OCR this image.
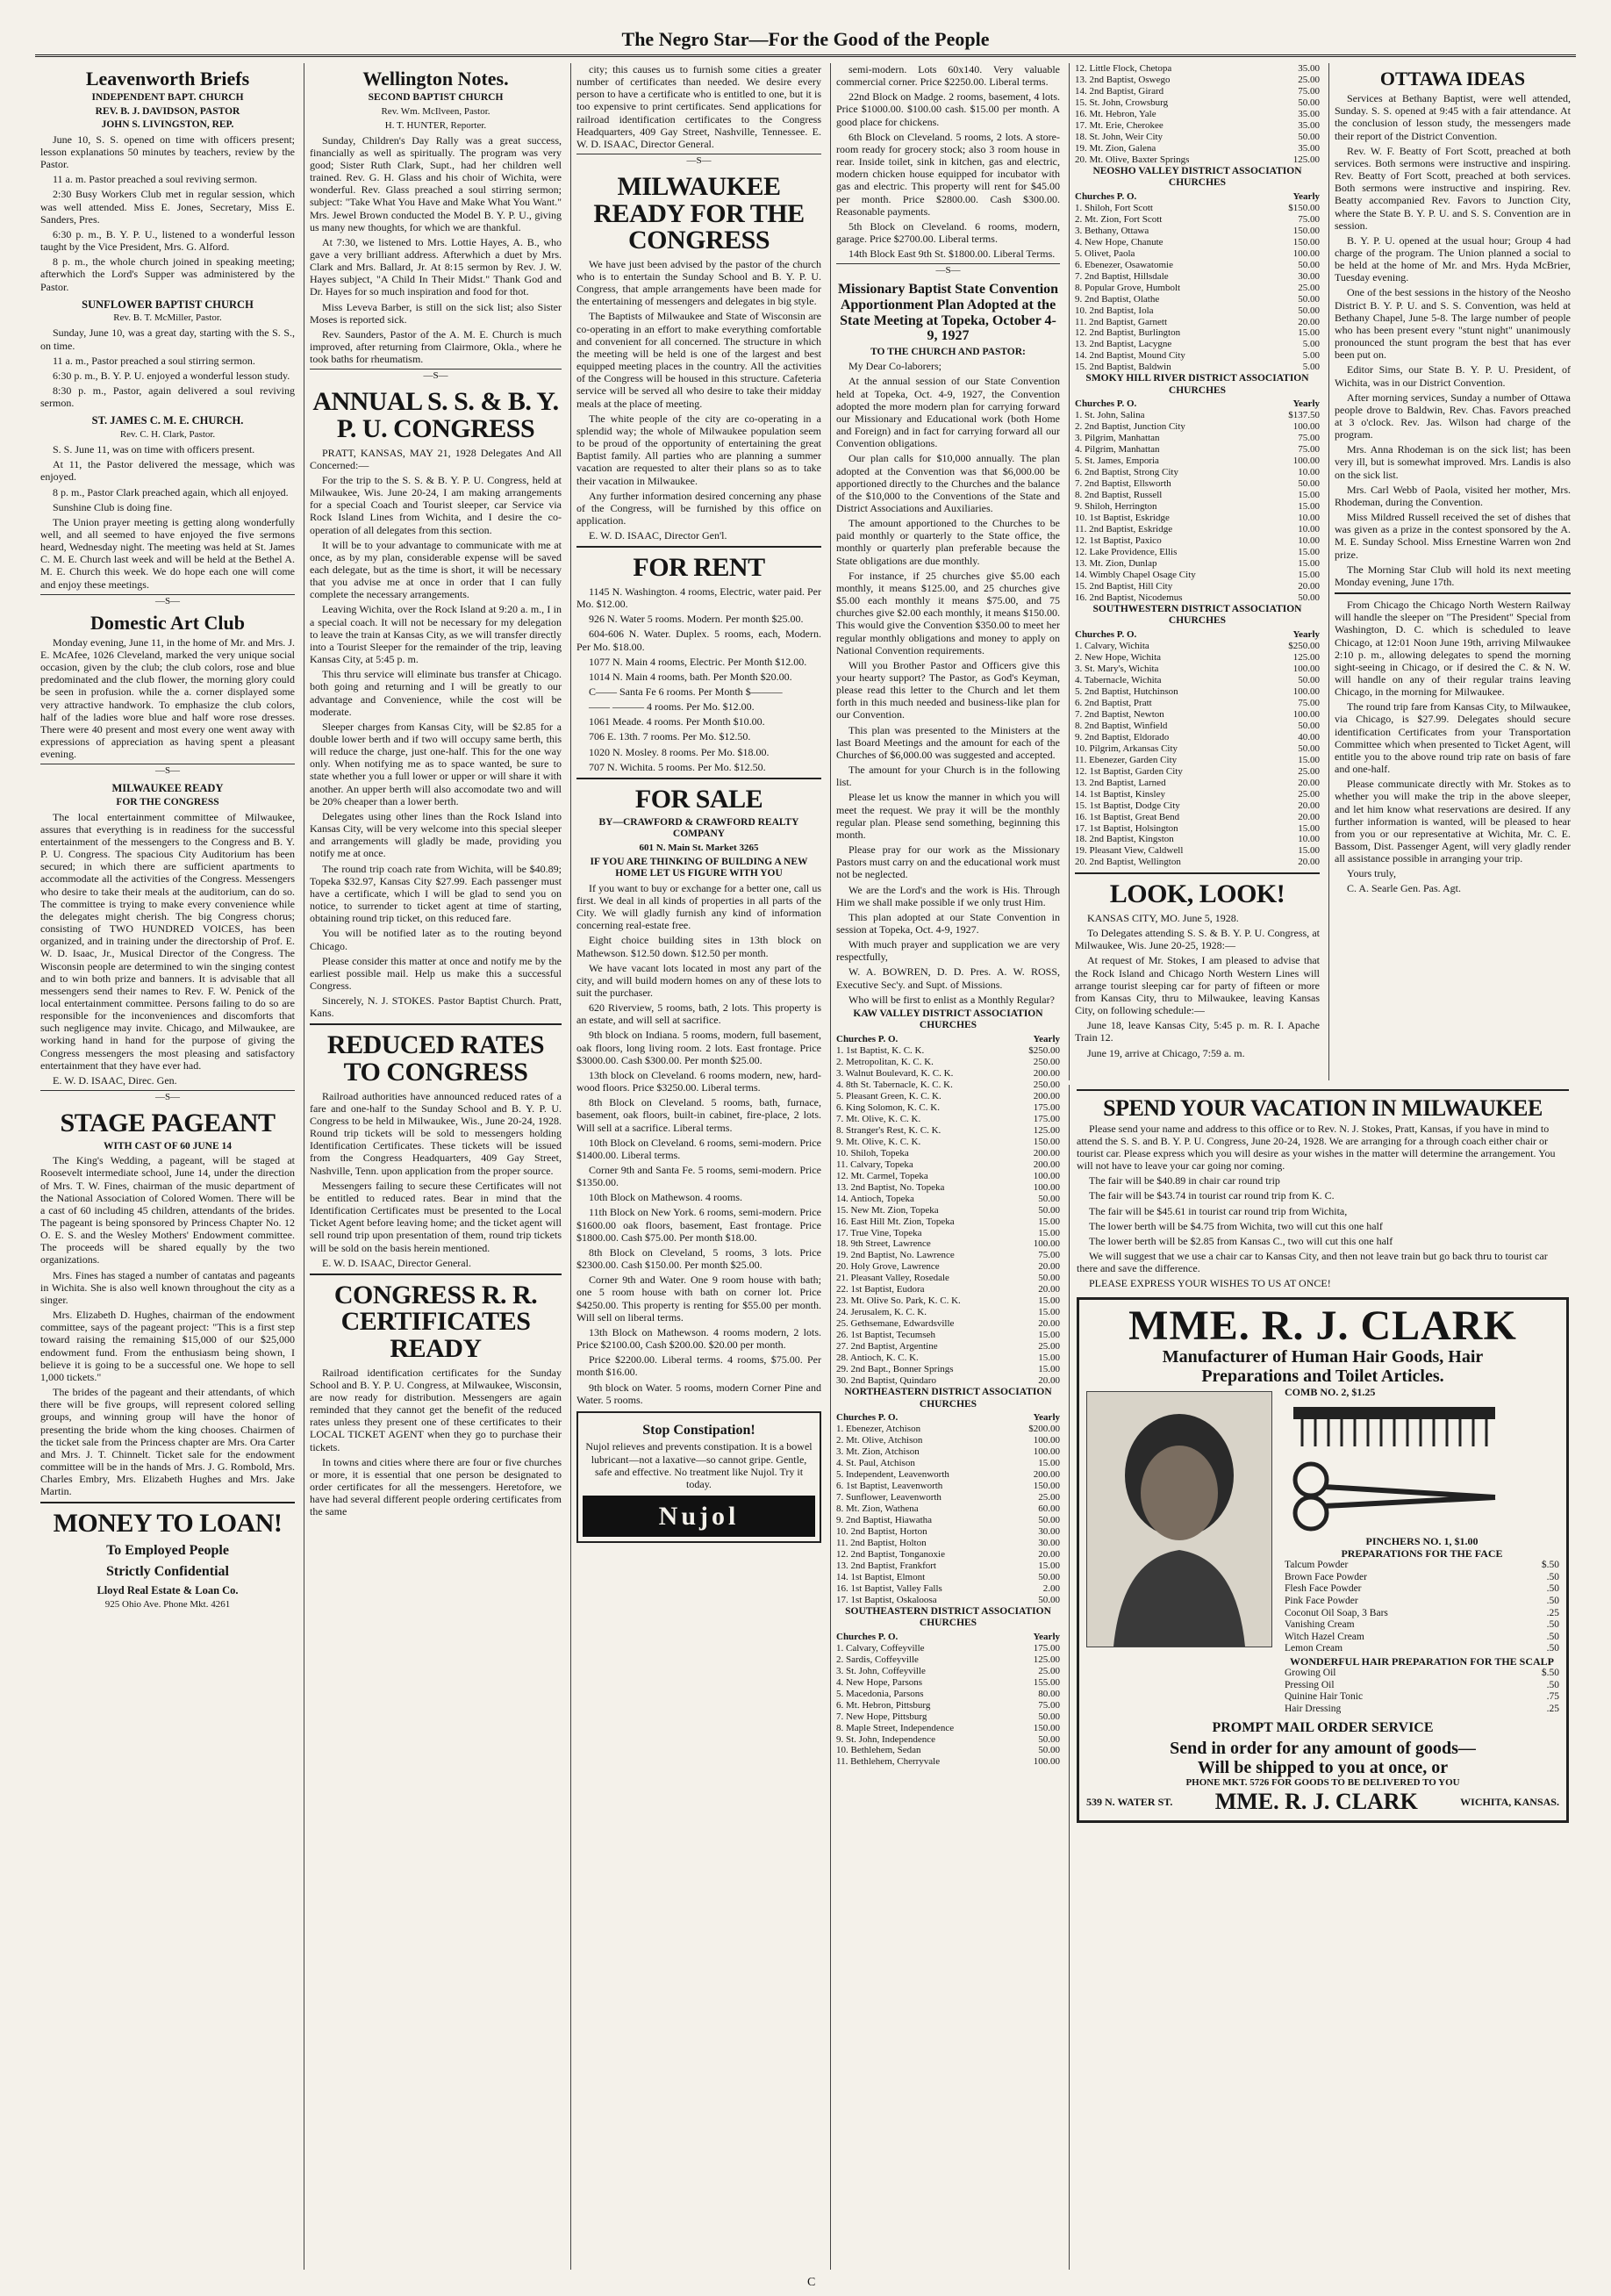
The Negro Star—For the Good of the People
Leavenworth Briefs
INDEPENDENT BAPT. CHURCH
REV. B. J. DAVIDSON, PASTOR
JOHN S. LIVINGSTON, REP.

June 10, S. S. opened on time with officers present; lesson explanations 50 minutes by teachers, review by the Pastor.

11 a. m. Pastor preached a soul reviving sermon.

2:30 Busy Workers Club met in regular session, which was well attended. Miss E. Jones, Secretary, Miss E. Sanders, Pres.

6:30 p. m., B. Y. P. U., listened to a wonderful lesson taught by the Vice President, Mrs. G. Alford.

8 p. m., the whole church joined in speaking meeting; afterwhich the Lord's Supper was administered by the Pastor.

SUNFLOWER BAPTIST CHURCH
Rev. B. T. McMiller, Pastor.

Sunday, June 10, was a great day, starting with the S. S., on time.

11 a. m., Pastor preached a soul stirring sermon.

6:30 p. m., B. Y. P. U. enjoyed a wonderful lesson study.

8:30 p. m., Pastor, again delivered a soul reviving sermon.

ST. JAMES C. M. E. CHURCH.
Rev. C. H. Clark, Pastor.

S. S. June 11, was on time with officers present.

At 11, the Pastor delivered the message, which was enjoyed.

8 p. m., Pastor Clark preached again, which all enjoyed.

Sunshine Club is doing fine.

The Union prayer meeting is getting along wonderfully well, and all seemed to have enjoyed the five sermons heard, Wednesday night. The meeting was held at St. James C. M. E. Church last week and will be held at the Bethel A. M. E. Church this week. We do hope each one will come and enjoy these meetings.

—S—
Domestic Art Club

Monday evening, June 11, in the home of Mr. and Mrs. J. E. McAfee, 1026 Cleveland, marked the very unique social occasion, given by the club; the club colors, rose and blue predominated and the club flower, the morning glory could be seen in profusion. while the a. corner displayed some very attractive handwork. To emphasize the club colors, half of the ladies wore blue and half wore rose dresses. There were 40 present and most every one went away with expressions of appreciation as having spent a pleasant evening.

—S—
MILWAUKEE READY
FOR THE CONGRESS

The local entertainment committee of Milwaukee, assures that everything is in readiness for the successful entertainment of the messengers to the Congress and B. Y. P. U. Congress. The spacious City Auditorium has been secured; in which there are sufficient apartments to accommodate all the activities of the Congress. Messengers who desire to take their meals at the auditorium, can do so. The committee is trying to make every convenience while the delegates might cherish. The big Congress chorus; consisting of TWO HUNDRED VOICES, has been organized, and in training under the directorship of Prof. E. W. D. Isaac, Jr., Musical Director of the Congress. The Wisconsin people are determined to win the singing contest and to win both prize and banners. It is advisable that all messengers send their names to Rev. F. W. Penick of the local entertainment committee. Persons failing to do so are responsible for the inconveniences and discomforts that such negligence may invite. Chicago, and Milwaukee, are working hand in hand for the purpose of giving the Congress messengers the most pleasing and satisfactory entertainment that they have ever had.

E. W. D. ISAAC, Direc. Gen.

—S—
STAGE PAGEANT
WITH CAST OF 60 JUNE 14

The King's Wedding, a pageant, will be staged at Roosevelt intermediate school, June 14, under the direction of Mrs. T. W. Fines, chairman of the music department of the National Association of Colored Women. There will be a cast of 60 including 45 children, attendants of the brides. The pageant is being sponsored by Princess Chapter No. 12 O. E. S. and the Wesley Mothers' Endowment committee. The proceeds will be shared equally by the two organizations.

Mrs. Fines has staged a number of cantatas and pageants in Wichita. She is also well known throughout the city as a singer.

Mrs. Elizabeth D. Hughes, chairman of the endowment committee, says of the pageant project: "This is a first step toward raising the remaining $15,000 of our $25,000 endowment fund. From the enthusiasm being shown, I believe it is going to be a successful one. We hope to sell 1,000 tickets."

The brides of the pageant and their attendants, of which there will be five groups, will represent colored selling groups, and winning group will have the honor of presenting the bride whom the king chooses. Chairmen of the ticket sale from the Princess chapter are Mrs. Ora Carter and Mrs. J. T. Chinnelt. Ticket sale for the endowment committee will be in the hands of Mrs. J. G. Rombold, Mrs. Charles Embry, Mrs. Elizabeth Hughes and Mrs. Jake Martin.

MONEY TO LOAN!
To Employed People
Strictly Confidential
Lloyd Real Estate & Loan Co.
925 Ohio Ave. Phone Mkt. 4261
Wellington Notes.
SECOND BAPTIST CHURCH
Rev. Wm. McIlveen, Pastor.
H. T. HUNTER, Reporter.

Sunday, Children's Day Rally was a great success, financially as well as spiritually. The program was very good; Sister Ruth Clark, Supt., had her children well trained. Rev. G. H. Glass and his choir of Wichita, were wonderful. Rev. Glass preached a soul stirring sermon; subject: "Take What You Have and Make What You Want." Mrs. Jewel Brown conducted the Model B. Y. P. U., giving us many new thoughts, for which we are thankful.

At 7:30, we listened to Mrs. Lottie Hayes, A. B., who gave a very brilliant address. Afterwhich a duet by Mrs. Clark and Mrs. Ballard, Jr. At 8:15 sermon by Rev. J. W. Hayes subject, "A Child In Their Midst." Thank God and Dr. Hayes for so much inspiration and food for thot.

Miss Leveva Barber, is still on the sick list; also Sister Moses is reported sick.

Rev. Saunders, Pastor of the A. M. E. Church is much improved, after returning from Clairmore, Okla., where he took baths for rheumatism.

—S—
ANNUAL S. S. & B. Y. P. U. CONGRESS

PRATT, KANSAS, MAY 21, 1928 Delegates And All Concerned:—

For the trip to the S. S. & B. Y. P. U. Congress, held at Milwaukee, Wis. June 20-24, I am making arrangements for a special Coach and Tourist sleeper, car Service via Rock Island Lines from Wichita, and I desire the co-operation of all delegates from this section.

It will be to your advantage to communicate with me at once, as by my plan, considerable expense will be saved each delegate, but as the time is short, it will be necessary that you advise me at once in order that I can fully complete the necessary arrangements.

Leaving Wichita, over the Rock Island at 9:20 a. m., I in a special coach. It will not be necessary for my delegation to leave the train at Kansas City, as we will transfer directly into a Tourist Sleeper for the remainder of the trip, leaving Kansas City, at 5:45 p. m.

This thru service will eliminate bus transfer at Chicago. both going and returning and I will be greatly to our advantage and Convenience, while the cost will be moderate.

Sleeper charges from Kansas City, will be $2.85 for a double lower berth and if two will occupy same berth, this will reduce the charge, just one-half. This for the one way only. When notifying me as to space wanted, be sure to state whether you a full lower or upper or will share it with another. An upper berth will also accomodate two and will be 20% cheaper than a lower berth.

Delegates using other lines than the Rock Island into Kansas City, will be very welcome into this special sleeper and arrangements will gladly be made, providing you notify me at once.

The round trip coach rate from Wichita, will be $40.89; Topeka $32.97, Kansas City $27.99. Each passenger must have a certificate, which I will be glad to send you on notice, to surrender to ticket agent at time of starting, obtaining round trip ticket, on this reduced fare.

You will be notified later as to the routing beyond Chicago.

Please consider this matter at once and notify me by the earliest possible mail. Help us make this a successful Congress.

Sincerely, N. J. STOKES. Pastor Baptist Church. Pratt, Kans.

REDUCED RATES TO CONGRESS

Railroad authorities have announced reduced rates of a fare and one-half to the Sunday School and B. Y. P. U. Congress to be held in Milwaukee, Wis., June 20-24, 1928. Round trip tickets will be sold to messengers holding Identification Certificates. These tickets will be issued from the Congress Headquarters, 409 Gay Street, Nashville, Tenn. upon application from the proper source.

Messengers failing to secure these Certificates will not be entitled to reduced rates. Bear in mind that the Identification Certificates must be presented to the Local Ticket Agent before leaving home; and the ticket agent will sell round trip upon presentation of them, round trip tickets will be sold on the basis herein mentioned.

E. W. D. ISAAC, Director General.

CONGRESS R. R. CERTIFICATES READY

Railroad identification certificates for the Sunday School and B. Y. P. U. Congress, at Milwaukee, Wisconsin, are now ready for distribution. Messengers are again reminded that they cannot get the benefit of the reduced rates unless they present one of these certificates to their LOCAL TICKET AGENT when they go to purchase their tickets.

In towns and cities where there are four or five churches or more, it is essential that one person be designated to order certificates for all the messengers. Heretofore, we have had several different people ordering certificates from the same

city; this causes us to furnish some cities a greater number of certificates than needed. We desire every person to have a certificate who is entitled to one, but it is too expensive to print certificates. Send applications for railroad identification certificates to the Congress Headquarters, 409 Gay Street, Nashville, Tennessee. E. W. D. ISAAC, Director General.

—S—
MILWAUKEE READY FOR THE CONGRESS

We have just been advised by the pastor of the church who is to entertain the Sunday School and B. Y. P. U. Congress, that ample arrangements have been made for the entertaining of messengers and delegates in big style.

The Baptists of Milwaukee and State of Wisconsin are co-operating in an effort to make everything comfortable and convenient for all concerned. The structure in which the meeting will be held is one of the largest and best equipped meeting places in the country. All the activities of the Congress will be housed in this structure. Cafeteria service will be served all who desire to take their midday meals at the place of meeting.

The white people of the city are co-operating in a splendid way; the whole of Milwaukee population seem to be proud of the opportunity of entertaining the great Baptist family. All parties who are planning a summer vacation are requested to alter their plans so as to take their vacation in Milwaukee.

Any further information desired concerning any phase of the Congress, will be furnished by this office on application.

E. W. D. ISAAC, Director Gen'l.

FOR RENT

1145 N. Washington. 4 rooms, Electric, water paid. Per Mo. $12.00.

926 N. Water 5 rooms. Modern. Per month $25.00.

604-606 N. Water. Duplex. 5 rooms, each, Modern. Per Mo. $18.00.

1077 N. Main 4 rooms, Electric. Per Month $12.00.

1014 N. Main 4 rooms, bath. Per Month $20.00.

C—— Santa Fe 6 rooms. Per Month $———

—— ——— 4 rooms. Per Mo. $12.00.

1061 Meade. 4 rooms. Per Month $10.00.

706 E. 13th. 7 rooms. Per Mo. $12.50.

1020 N. Mosley. 8 rooms. Per Mo. $18.00.

707 N. Wichita. 5 rooms. Per Mo. $12.50.

FOR SALE
BY—CRAWFORD & CRAWFORD REALTY COMPANY
601 N. Main St. Market 3265
IF YOU ARE THINKING OF BUILDING A NEW HOME LET US FIGURE WITH YOU

If you want to buy or exchange for a better one, call us first. We deal in all kinds of properties in all parts of the City. We will gladly furnish any kind of information concerning real-estate free.

Eight choice building sites in 13th block on Mathewson. $12.50 down. $12.50 per month.

We have vacant lots located in most any part of the city, and will build modern homes on any of these lots to suit the purchaser.

620 Riverview, 5 rooms, bath, 2 lots. This property is an estate, and will sell at sacrifice.

9th block on Indiana. 5 rooms, modern, full basement, oak floors, long living room. 2 lots. East frontage. Price $3000.00. Cash $300.00. Per month $25.00.

13th block on Cleveland. 6 rooms modern, new, hard-wood floors. Price $3250.00. Liberal terms.

8th Block on Cleveland. 5 rooms, bath, furnace, basement, oak floors, built-in cabinet, fire-place, 2 lots. Will sell at a sacrifice. Liberal terms.

10th Block on Cleveland. 6 rooms, semi-modern. Price $1400.00. Liberal terms.

Corner 9th and Santa Fe. 5 rooms, semi-modern. Price $1350.00.

10th Block on Mathewson. 4 rooms.

11th Block on New York. 6 rooms, semi-modern. Price $1600.00 oak floors, basement, East frontage. Price $1800.00. Cash $75.00. Per month $18.00.

8th Block on Cleveland, 5 rooms, 3 lots. Price $2300.00. Cash $150.00. Per month $25.00.

Corner 9th and Water. One 9 room house with bath; one 5 room house with bath on corner lot. Price $4250.00. This property is renting for $55.00 per month. Will sell on liberal terms.

13th Block on Mathewson. 4 rooms modern, 2 lots. Price $2100.00, Cash $200.00. $20.00 per month.

Price $2200.00. Liberal terms. 4 rooms, $75.00. Per month $16.00.

9th block on Water. 5 rooms, modern Corner Pine and Water. 5 rooms.

Stop Constipation!
Nujol relieves and prevents constipation. It is a bowel lubricant—not a laxative—so cannot gripe. Gentle, safe and effective. No treatment like Nujol. Try it today.
Nujol

semi-modern. Lots 60x140. Very valuable commercial corner. Price $2250.00. Liberal terms.

22nd Block on Madge. 2 rooms, basement, 4 lots. Price $1000.00. $100.00 cash. $15.00 per month. A good place for chickens.

6th Block on Cleveland. 5 rooms, 2 lots. A store-room ready for grocery stock; also 3 room house in rear. Inside toilet, sink in kitchen, gas and electric, modern chicken house equipped for incubator with gas and electric. This property will rent for $45.00 per month. Price $2800.00. Cash $300.00. Reasonable payments.

5th Block on Cleveland. 6 rooms, modern, garage. Price $2700.00. Liberal terms.

14th Block East 9th St. $1800.00. Liberal Terms.

—S—
Missionary Baptist State Convention Apportionment Plan Adopted at the State Meeting at Topeka, October 4-9, 1927
TO THE CHURCH AND PASTOR:

My Dear Co-laborers;

At the annual session of our State Convention held at Topeka, Oct. 4-9, 1927, the Convention adopted the more modern plan for carrying forward our Missionary and Educational work (both Home and Foreign) and in fact for carrying forward all our Convention obligations.

Our plan calls for $10,000 annually. The plan adopted at the Convention was that $6,000.00 be apportioned directly to the Churches and the balance of the $10,000 to the Conventions of the State and District Associations and Auxiliaries.

The amount apportioned to the Churches to be paid monthly or quarterly to the State office, the monthly or quarterly plan preferable because the State obligations are due monthly.

For instance, if 25 churches give $5.00 each monthly, it means $125.00, and 25 churches give $5.00 each monthly it means $75.00, and 75 churches give $2.00 each monthly, it means $150.00. This would give the Convention $350.00 to meet her regular monthly obligations and money to apply on National Convention requirements.

Will you Brother Pastor and Officers give this your hearty support? The Pastor, as God's Keyman, please read this letter to the Church and let them forth in this much needed and business-like plan for our Convention.

This plan was presented to the Ministers at the last Board Meetings and the amount for each of the Churches of $6,000.00 was suggested and accepted.

The amount for your Church is in the following list.

Please let us know the manner in which you will meet the request. We pray it will be the monthly regular plan. Please send something, beginning this month.

Please pray for our work as the Missionary Pastors must carry on and the educational work must not be neglected.

We are the Lord's and the work is His. Through Him we shall make possible if we only trust Him.

This plan adopted at our State Convention in session at Topeka, Oct. 4-9, 1927.

With much prayer and supplication we are very respectfully,

W. A. BOWREN, D. D. Pres. A. W. ROSS, Executive Sec'y. and Supt. of Missions.

Who will be first to enlist as a Monthly Regular?

KAW VALLEY DISTRICT ASSOCIATION CHURCHES
Churches P. O.	Yearly
1. 1st Baptist, K. C. K.	$250.00
2. Metropolitan, K. C. K.	250.00
3. Walnut Boulevard, K. C. K.	200.00
4. 8th St. Tabernacle, K. C. K.	250.00
5. Pleasant Green, K. C. K.	200.00
6. King Solomon, K. C. K.	175.00
7. Mt. Olive, K. C. K.	175.00
8. Stranger's Rest, K. C. K.	125.00
9. Mt. Olive, K. C. K.	150.00
10. Shiloh, Topeka	200.00
11. Calvary, Topeka	200.00
12. Mt. Carmel, Topeka	100.00
13. 2nd Baptist, No. Topeka	100.00
14. Antioch, Topeka	50.00
15. New Mt. Zion, Topeka	50.00
16. East Hill Mt. Zion, Topeka	15.00
17. True Vine, Topeka	15.00
18. 9th Street, Lawrence	100.00
19. 2nd Baptist, No. Lawrence	75.00
20. Holy Grove, Lawrence	20.00
21. Pleasant Valley, Rosedale	50.00
22. 1st Baptist, Eudora	20.00
23. Mt. Olive So. Park, K. C. K.	15.00
24. Jerusalem, K. C. K.	15.00
25. Gethsemane, Edwardsville	20.00
26. 1st Baptist, Tecumseh	15.00
27. 2nd Baptist, Argentine	25.00
28. Antioch, K. C. K.	15.00
29. 2nd Bapt., Bonner Springs	15.00
30. 2nd Baptist, Quindaro	20.00
NORTHEASTERN DISTRICT ASSOCIATION CHURCHES
Churches P. O.	Yearly
1. Ebenezer, Atchison	$200.00
2. Mt. Olive, Atchison	100.00
3. Mt. Zion, Atchison	100.00
4. St. Paul, Atchison	15.00
5. Independent, Leavenworth	200.00
6. 1st Baptist, Leavenworth	150.00
7. Sunflower, Leavenworth	25.00
8. Mt. Zion, Wathena	60.00
9. 2nd Baptist, Hiawatha	50.00
10. 2nd Baptist, Horton	30.00
11. 2nd Baptist, Holton	30.00
12. 2nd Baptist, Tonganoxie	20.00
13. 2nd Baptist, Frankfort	15.00
14. 1st Baptist, Elmont	50.00
16. 1st Baptist, Valley Falls	2.00
17. 1st Baptist, Oskaloosa	50.00
SOUTHEASTERN DISTRICT ASSOCIATION CHURCHES
Churches P. O.	Yearly
1. Calvary, Coffeyville	175.00
2. Sardis, Coffeyville	125.00
3. St. John, Coffeyville	25.00
4. New Hope, Parsons	155.00
5. Macedonia, Parsons	80.00
6. Mt. Hebron, Pittsburg	75.00
7. New Hope, Pittsburg	50.00
8. Maple Street, Independence	150.00
9. St. John, Independence	50.00
10. Bethlehem, Sedan	50.00
11. Bethlehem, Cherryvale	100.00
12. Little Flock, Chetopa	35.00
13. 2nd Baptist, Oswego	25.00
14. 2nd Baptist, Girard	75.00
15. St. John, Crowsburg	50.00
16. Mt. Hebron, Yale	35.00
17. Mt. Erie, Cherokee	35.00
18. St. John, Weir City	50.00
19. Mt. Zion, Galena	35.00
20. Mt. Olive, Baxter Springs	125.00
NEOSHO VALLEY DISTRICT ASSOCIATION CHURCHES
Churches P. O.	Yearly
1. Shiloh, Fort Scott	$150.00
2. Mt. Zion, Fort Scott	75.00
3. Bethany, Ottawa	150.00
4. New Hope, Chanute	150.00
5. Olivet, Paola	100.00
6. Ebenezer, Osawatomie	50.00
7. 2nd Baptist, Hillsdale	30.00
8. Popular Grove, Humbolt	25.00
9. 2nd Baptist, Olathe	50.00
10. 2nd Baptist, Iola	50.00
11. 2nd Baptist, Garnett	20.00
12. 2nd Baptist, Burlington	15.00
13. 2nd Baptist, Lacygne	5.00
14. 2nd Baptist, Mound City	5.00
15. 2nd Baptist, Baldwin	5.00
SMOKY HILL RIVER DISTRICT ASSOCIATION CHURCHES
Churches P. O.	Yearly
1. St. John, Salina	$137.50
2. 2nd Baptist, Junction City	100.00
3. Pilgrim, Manhattan	75.00
4. Pilgrim, Manhattan	75.00
5. St. James, Emporia	100.00
6. 2nd Baptist, Strong City	10.00
7. 2nd Baptist, Ellsworth	50.00
8. 2nd Baptist, Russell	15.00
9. Shiloh, Herrington	15.00
10. 1st Baptist, Eskridge	10.00
11. 2nd Baptist, Eskridge	10.00
12. 1st Baptist, Paxico	10.00
12. Lake Providence, Ellis	15.00
13. Mt. Zion, Dunlap	15.00
14. Wimbly Chapel Osage City	15.00
15. 2nd Baptist, Hill City	20.00
16. 2nd Baptist, Nicodemus	50.00
SOUTHWESTERN DISTRICT ASSOCIATION CHURCHES
Churches P. O.	Yearly
1. Calvary, Wichita	$250.00
2. New Hope, Wichita	125.00
3. St. Mary's, Wichita	100.00
4. Tabernacle, Wichita	50.00
5. 2nd Baptist, Hutchinson	100.00
6. 2nd Baptist, Pratt	75.00
7. 2nd Baptist, Newton	100.00
8. 2nd Baptist, Winfield	50.00
9. 2nd Baptist, Eldorado	40.00
10. Pilgrim, Arkansas City	50.00
11. Ebenezer, Garden City	15.00
12. 1st Baptist, Garden City	25.00
13. 2nd Baptist, Larned	20.00
14. 1st Baptist, Kinsley	25.00
15. 1st Baptist, Dodge City	20.00
16. 1st Baptist, Great Bend	20.00
17. 1st Baptist, Holsington	15.00
18. 2nd Baptist, Kingston	10.00
19. Pleasant View, Caldwell	15.00
20. 2nd Baptist, Wellington	20.00
LOOK, LOOK!

KANSAS CITY, MO. June 5, 1928.

To Delegates attending S. S. & B. Y. P. U. Congress, at Milwaukee, Wis. June 20-25, 1928:—

At request of Mr. Stokes, I am pleased to advise that the Rock Island and Chicago North Western Lines will arrange tourist sleeping car for party of fifteen or more from Kansas City, thru to Milwaukee, leaving Kansas City, on following schedule:—

June 18, leave Kansas City, 5:45 p. m. R. I. Apache Train 12.

June 19, arrive at Chicago, 7:59 a. m.

OTTAWA IDEAS

Services at Bethany Baptist, were well attended, Sunday. S. S. opened at 9:45 with a fair attendance. At the conclusion of lesson study, the messengers made their report of the District Convention.

Rev. W. F. Beatty of Fort Scott, preached at both services. Both sermons were instructive and inspiring. Rev. Beatty of Fort Scott, preached at both services. Both sermons were instructive and inspiring. Rev. Beatty accompanied Rev. Favors to Junction City, where the State B. Y. P. U. and S. S. Convention are in session.

B. Y. P. U. opened at the usual hour; Group 4 had charge of the program. The Union planned a social to be held at the home of Mr. and Mrs. Hyda McBrier, Tuesday evening.

One of the best sessions in the history of the Neosho District B. Y. P. U. and S. S. Convention, was held at Bethany Chapel, June 5-8. The large number of people who has been present every "stunt night" unanimously pronounced the stunt program the best that has ever been put on.

Editor Sims, our State B. Y. P. U. President, of Wichita, was in our District Convention.

After morning services, Sunday a number of Ottawa people drove to Baldwin, Rev. Chas. Favors preached at 3 o'clock. Rev. Jas. Wilson had charge of the program.

Mrs. Anna Rhodeman is on the sick list; has been very ill, but is somewhat improved. Mrs. Landis is also on the sick list.

Mrs. Carl Webb of Paola, visited her mother, Mrs. Rhodeman, during the Convention.

Miss Mildred Russell received the set of dishes that was given as a prize in the contest sponsored by the A. M. E. Sunday School. Miss Ernestine Warren won 2nd prize.

The Morning Star Club will hold its next meeting Monday evening, June 17th.

From Chicago the Chicago North Western Railway will handle the sleeper on "The President" Special from Washington, D. C. which is scheduled to leave Chicago, at 12:01 Noon June 19th, arriving Milwaukee 2:10 p. m., allowing delegates to spend the morning sight-seeing in Chicago, or if desired the C. & N. W. will handle on any of their regular trains leaving Chicago, in the morning for Milwaukee.

The round trip fare from Kansas City, to Milwaukee, via Chicago, is $27.99. Delegates should secure identification Certificates from your Transportation Committee which when presented to Ticket Agent, will entitle you to the above round trip rate on basis of fare and one-half.

Please communicate directly with Mr. Stokes as to whether you will make the trip in the above sleeper, and let him know what reservations are desired. If any further information is wanted, will be pleased to hear from you or our representative at Wichita, Mr. C. E. Bassom, Dist. Passenger Agent, will very gladly render all assistance possible in arranging your trip.

Yours truly,

C. A. Searle Gen. Pas. Agt.

SPEND YOUR VACATION IN MILWAUKEE

Please send your name and address to this office or to Rev. N. J. Stokes, Pratt, Kansas, if you have in mind to attend the S. S. and B. Y. P. U. Congress, June 20-24, 1928. We are arranging for a through coach either chair or tourist car. Please express which you will desire as your wishes in the matter will determine the arrangement. You will not have to leave your car going nor coming.

The fair will be $40.89 in chair car round trip

The fair will be $43.74 in tourist car round trip from K. C.

The fair will be $45.61 in tourist car round trip from Wichita,

The lower berth will be $4.75 from Wichita, two will cut this one half

The lower berth will be $2.85 from Kansas C., two will cut this one half

We will suggest that we use a chair car to Kansas City, and then not leave train but go back thru to tourist car there and save the difference.

PLEASE EXPRESS YOUR WISHES TO US AT ONCE!

MME. R. J. CLARK
Manufacturer of Human Hair Goods, Hair
Preparations and Toilet Articles.
COMB NO. 2, $1.25

PINCHERS NO. 1, $1.00
PREPARATIONS FOR THE FACE
Talcum Powder	$.50
Brown Face Powder	.50
Flesh Face Powder	.50
Pink Face Powder	.50
Coconut Oil Soap, 3 Bars	.25
Vanishing Cream	.50
Witch Hazel Cream	.50
Lemon Cream	.50
WONDERFUL HAIR PREPARATION FOR THE SCALP
Growing Oil	$.50
Pressing Oil	.50
Quinine Hair Tonic	.75
Hair Dressing	.25
PROMPT MAIL ORDER SERVICE
Send in order for any amount of goods—
Will be shipped to you at once, or
PHONE MKT. 5726 FOR GOODS TO BE DELIVERED TO YOU
539 N. WATER ST. MME. R. J. CLARK	WICHITA, KANSAS.
C
